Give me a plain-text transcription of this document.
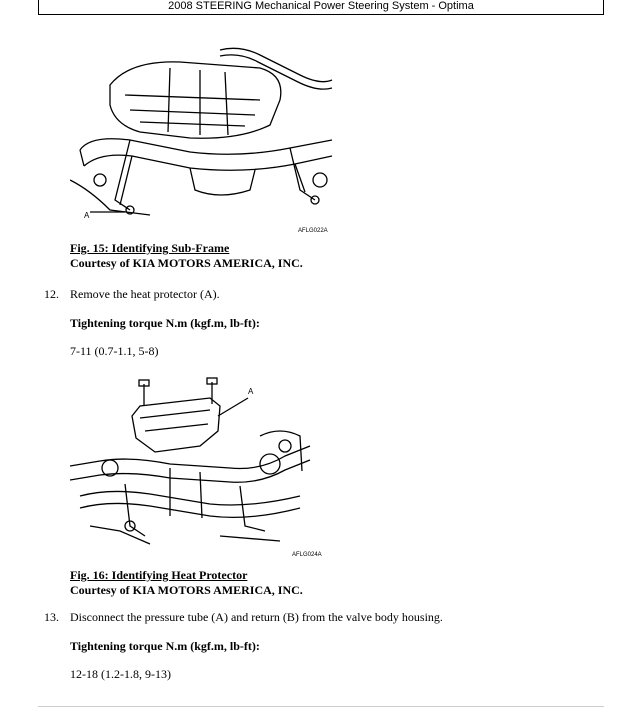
2008 STEERING Mechanical Power Steering System - Optima
A
AFLG022A
Fig. 15: Identifying Sub-Frame
Courtesy of KIA MOTORS AMERICA, INC.
12. Remove the heat protector (A).
Tightening torque N.m (kgf.m, lb-ft):
7-11 (0.7-1.1, 5-8)
A
AFLG024A
Fig. 16: Identifying Heat Protector
Courtesy of KIA MOTORS AMERICA, INC.
13. Disconnect the pressure tube (A) and return (B) from the valve body housing.
Tightening torque N.m (kgf.m, lb-ft):
12-18 (1.2-1.8, 9-13)
